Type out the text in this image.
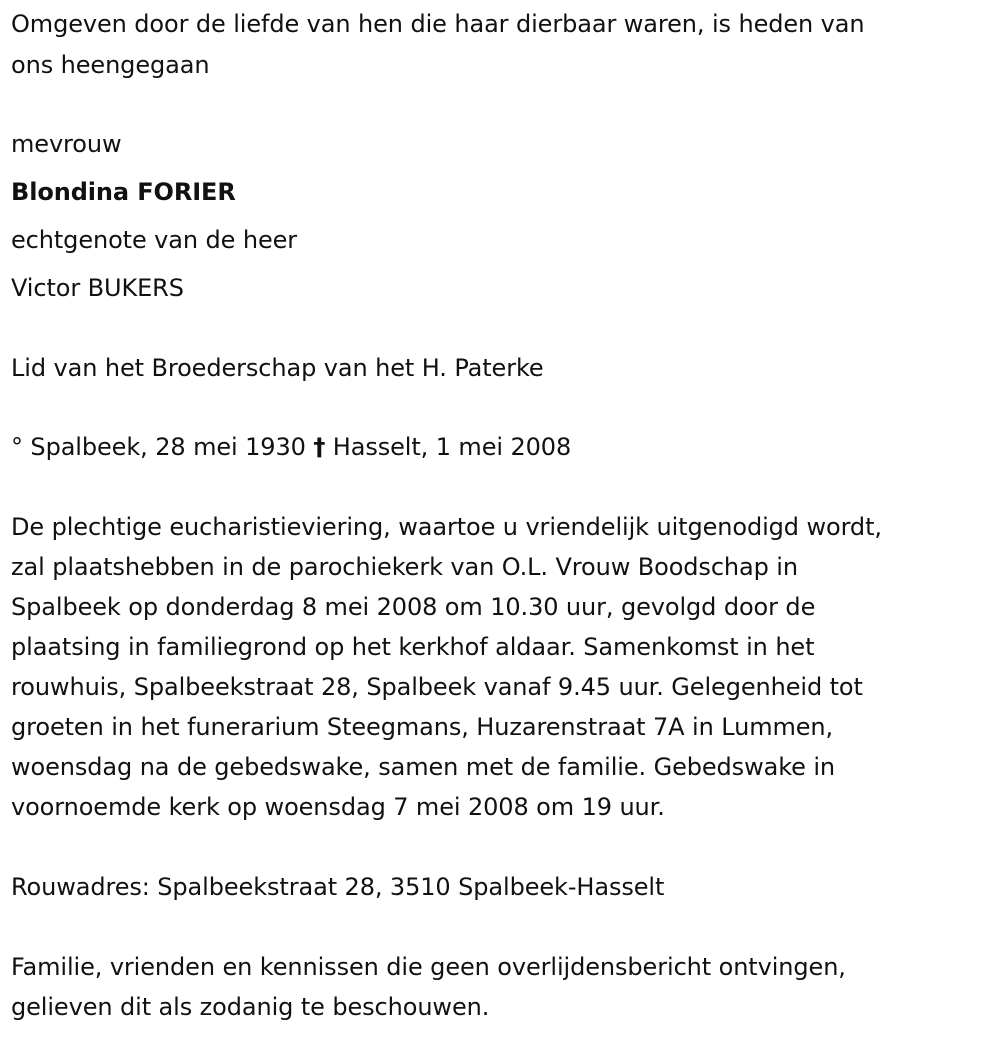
Omgeven door de liefde van hen die haar dierbaar waren, is heden van
ons heengegaan
mevrouw
Blondina FORIER
echtgenote van de heer
Victor BUKERS
Lid van het Broederschap van het H. Paterke
° Spalbeek, 28 mei 1930 † Hasselt, 1 mei 2008
De plechtige eucharistieviering, waartoe u vriendelijk uitgenodigd wordt,
zal plaatshebben in de parochiekerk van O.L. Vrouw Boodschap in
Spalbeek op donderdag 8 mei 2008 om 10.30 uur, gevolgd door de
plaatsing in familiegrond op het kerkhof aldaar. Samenkomst in het
rouwhuis, Spalbeekstraat 28, Spalbeek vanaf 9.45 uur. Gelegenheid tot
groeten in het funerarium Steegmans, Huzarenstraat 7A in Lummen,
woensdag na de gebedswake, samen met de familie. Gebedswake in
voornoemde kerk op woensdag 7 mei 2008 om 19 uur.
Rouwadres: Spalbeekstraat 28, 3510 Spalbeek-Hasselt
Familie, vrienden en kennissen die geen overlijdensbericht ontvingen,
gelieven dit als zodanig te beschouwen.
